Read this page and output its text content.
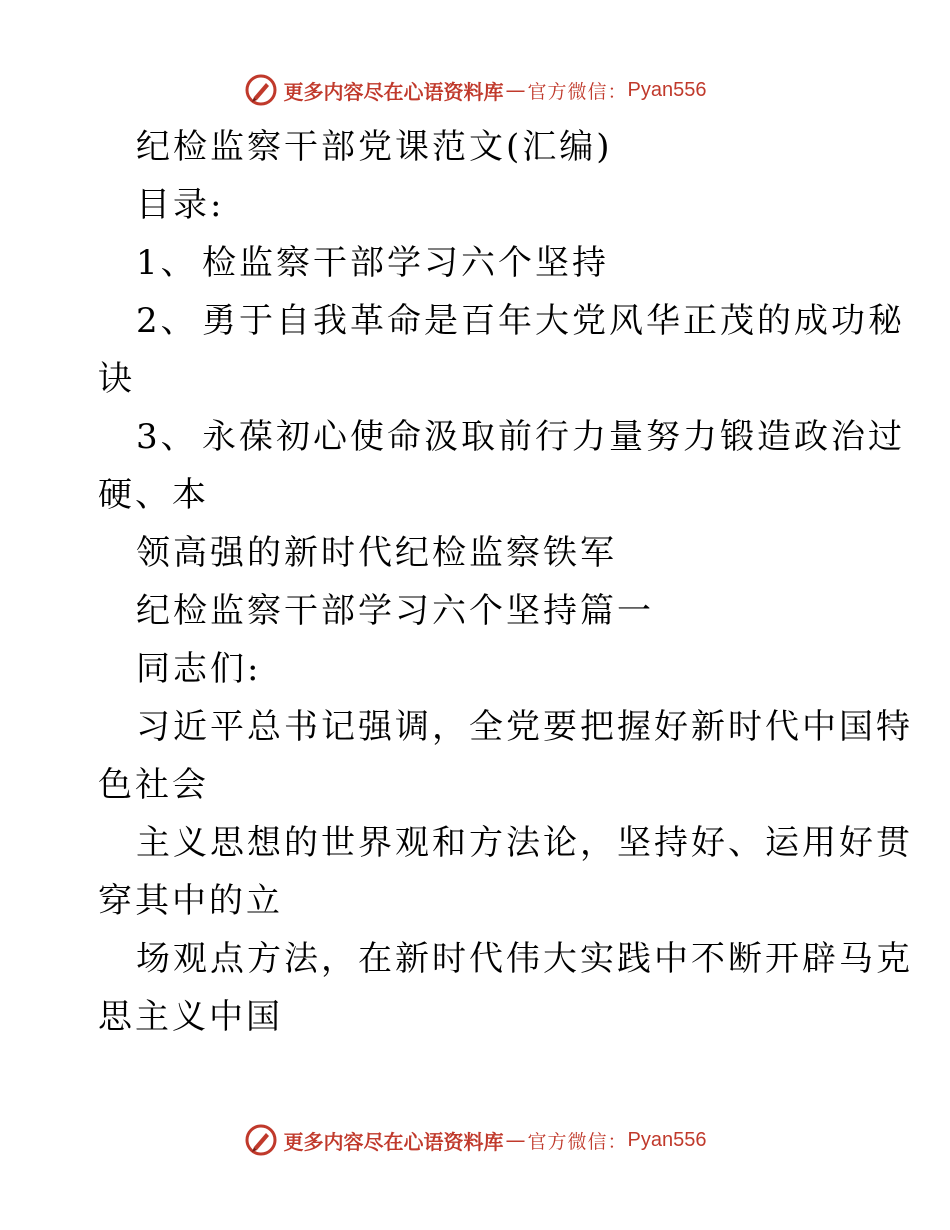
更多内容尽在心语资料库 — 官方微信： Pyan556
纪检监察干部党课范文(汇编)
目录:
1、 检监察干部学习六个坚持
2、 勇于自我革命是百年大党风华正茂的成功秘
诀
3、 永葆初心使命汲取前行力量努力锻造政治过
硬、本
领高强的新时代纪检监察铁军
纪检监察干部学习六个坚持篇一
同志们:
习近平总书记强调，全党要把握好新时代中国特
色社会
主义思想的世界观和方法论，坚持好、运用好贯
穿其中的立
场观点方法，在新时代伟大实践中不断开辟马克
思主义中国
更多内容尽在心语资料库 — 官方微信： Pyan556
